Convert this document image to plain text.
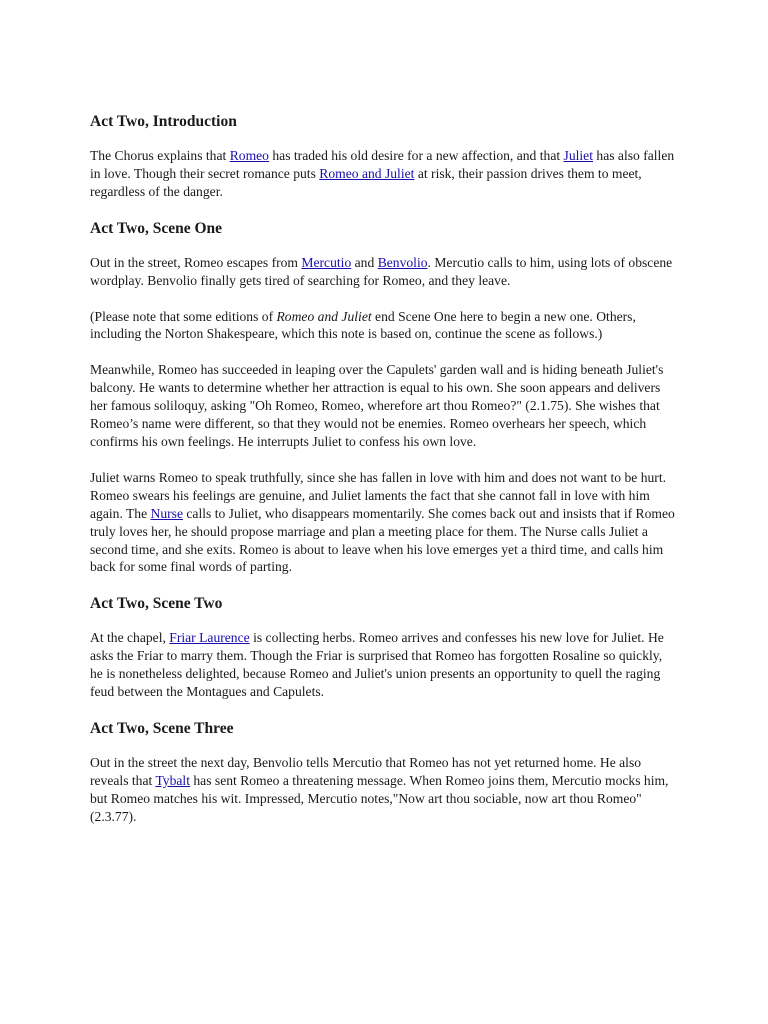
Act Two, Introduction

The Chorus explains that Romeo has traded his old desire for a new affection, and that Juliet has also fallen in love. Though their secret romance puts Romeo and Juliet at risk, their passion drives them to meet, regardless of the danger.

Act Two, Scene One

Out in the street, Romeo escapes from Mercutio and Benvolio. Mercutio calls to him, using lots of obscene wordplay. Benvolio finally gets tired of searching for Romeo, and they leave.

(Please note that some editions of Romeo and Juliet end Scene One here to begin a new one. Others, including the Norton Shakespeare, which this note is based on, continue the scene as follows.)

Meanwhile, Romeo has succeeded in leaping over the Capulets' garden wall and is hiding beneath Juliet's balcony. He wants to determine whether her attraction is equal to his own. She soon appears and delivers her famous soliloquy, asking "Oh Romeo, Romeo, wherefore art thou Romeo?" (2.1.75). She wishes that Romeo’s name were different, so that they would not be enemies. Romeo overhears her speech, which confirms his own feelings. He interrupts Juliet to confess his own love.

Juliet warns Romeo to speak truthfully, since she has fallen in love with him and does not want to be hurt. Romeo swears his feelings are genuine, and Juliet laments the fact that she cannot fall in love with him again. The Nurse calls to Juliet, who disappears momentarily. She comes back out and insists that if Romeo truly loves her, he should propose marriage and plan a meeting place for them. The Nurse calls Juliet a second time, and she exits. Romeo is about to leave when his love emerges yet a third time, and calls him back for some final words of parting.

Act Two, Scene Two

At the chapel, Friar Laurence is collecting herbs. Romeo arrives and confesses his new love for Juliet. He asks the Friar to marry them. Though the Friar is surprised that Romeo has forgotten Rosaline so quickly, he is nonetheless delighted, because Romeo and Juliet's union presents an opportunity to quell the raging feud between the Montagues and Capulets.

Act Two, Scene Three

Out in the street the next day, Benvolio tells Mercutio that Romeo has not yet returned home. He also reveals that Tybalt has sent Romeo a threatening message. When Romeo joins them, Mercutio mocks him, but Romeo matches his wit. Impressed, Mercutio notes,"Now art thou sociable, now art thou Romeo" (2.3.77).
